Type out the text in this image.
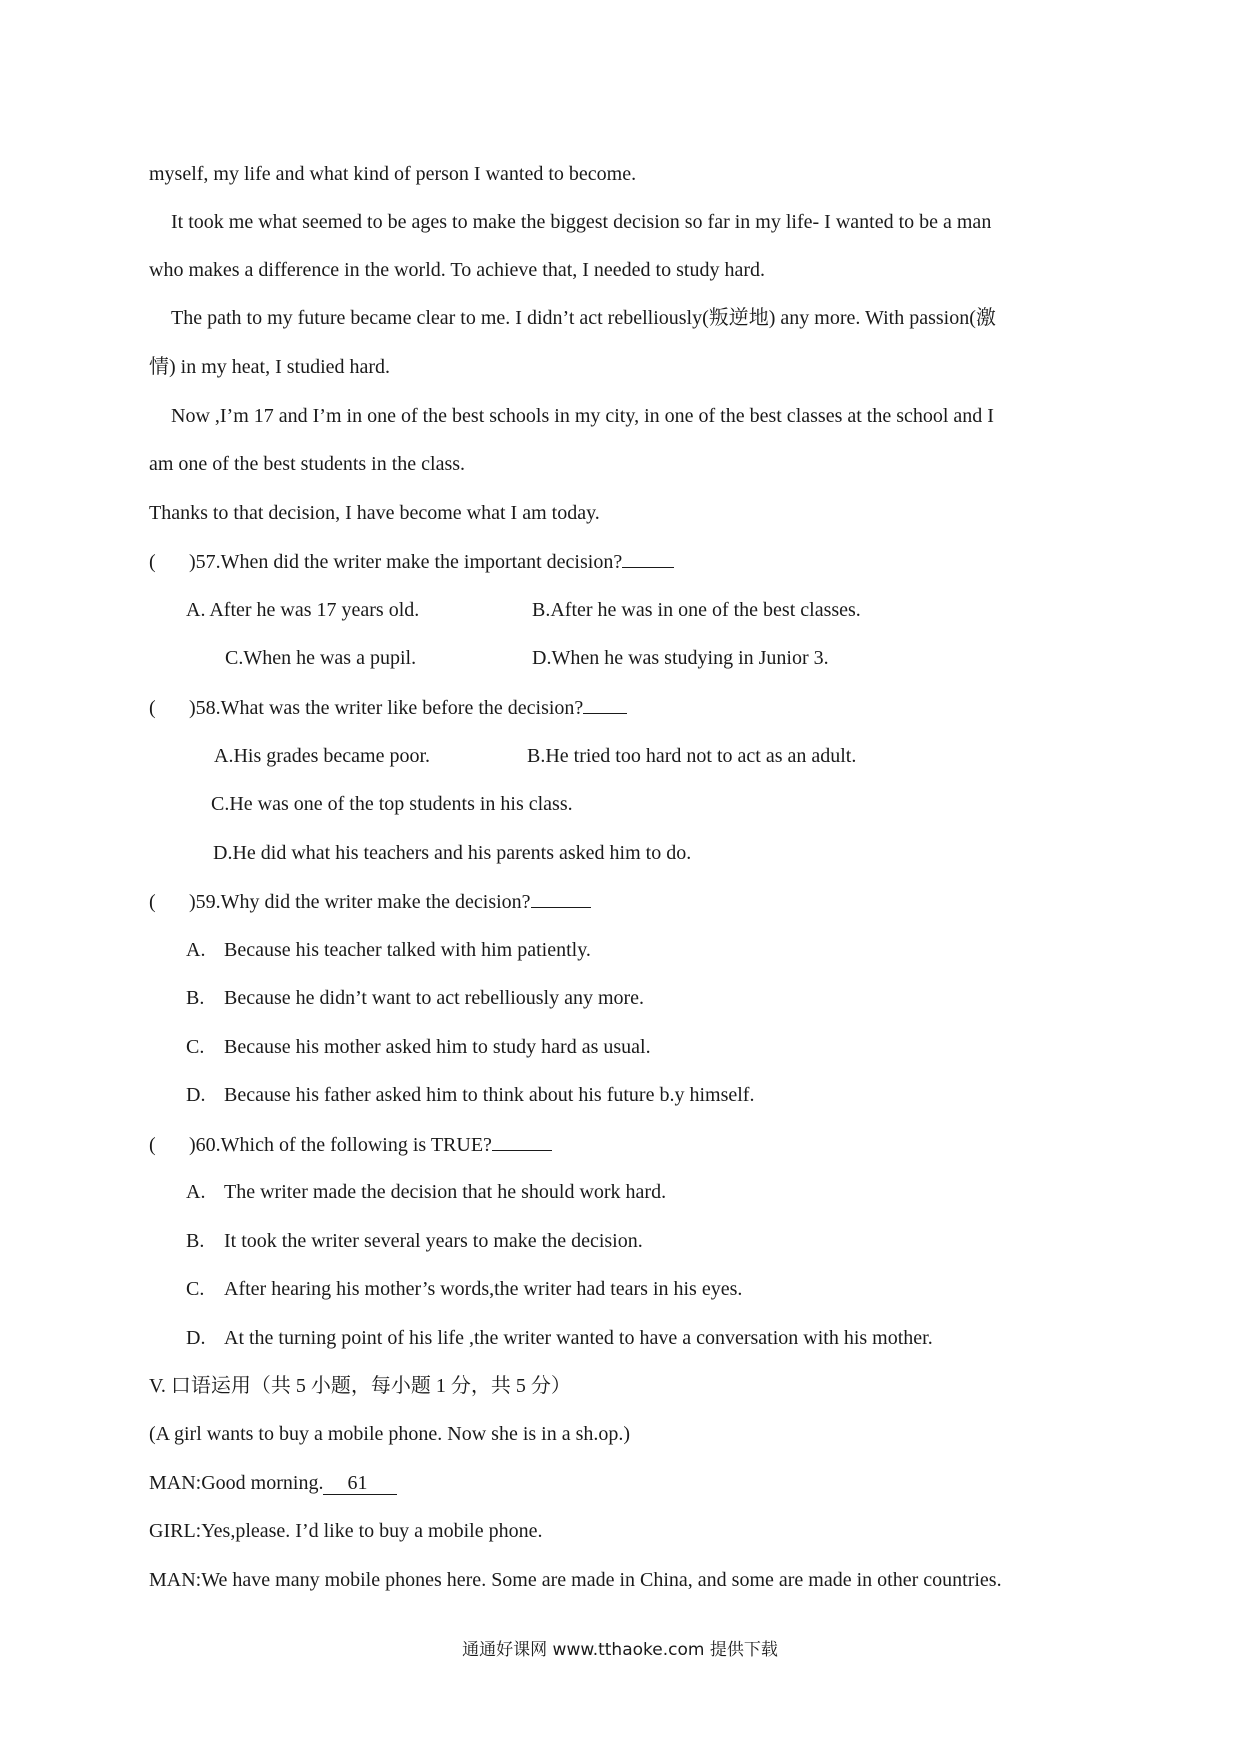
myself, my life and what kind of person I wanted to become.
It took me what seemed to be ages to make the biggest decision so far in my life- I wanted to be a man
who makes a difference in the world. To achieve that, I needed to study hard.
The path to my future became clear to me. I didn’t act rebelliously(叛逆地) any more. With passion(激
情) in my heat, I studied hard.
Now ,I’m 17 and I’m in one of the best schools in my city, in one of the best classes at the school and I
am one of the best students in the class.
Thanks to that decision, I have become what I am today.
( )57.When did the writer make the important decision?
A. After he was 17 years old.	B.After he was in one of the best classes.
C.When he was a pupil.	D.When he was studying in Junior 3.
( )58.What was the writer like before the decision?
A.His grades became poor.	B.He tried too hard not to act as an adult.
C.He was one of the top students in his class.
D.He did what his teachers and his parents asked him to do.
( )59.Why did the writer make the decision?
A. Because his teacher talked with him patiently.
B. Because he didn’t want to act rebelliously any more.
C. Because his mother asked him to study hard as usual.
D. Because his father asked him to think about his future b.y himself.
( )60.Which of the following is TRUE?
A. The writer made the decision that he should work hard.
B. It took the writer several years to make the decision.
C. After hearing his mother’s words,the writer had tears in his eyes.
D. At the turning point of his life ,the writer wanted to have a conversation with his mother.
V. 口语运用（共 5 小题，每小题 1 分，共 5 分）
(A girl wants to buy a mobile phone. Now she is in a sh.op.)
MAN:Good morning. 61
GIRL:Yes,please. I’d like to buy a mobile phone.
MAN:We have many mobile phones here. Some are made in China, and some are made in other countries.
通通好课网 www.tthaoke.com 提供下载
